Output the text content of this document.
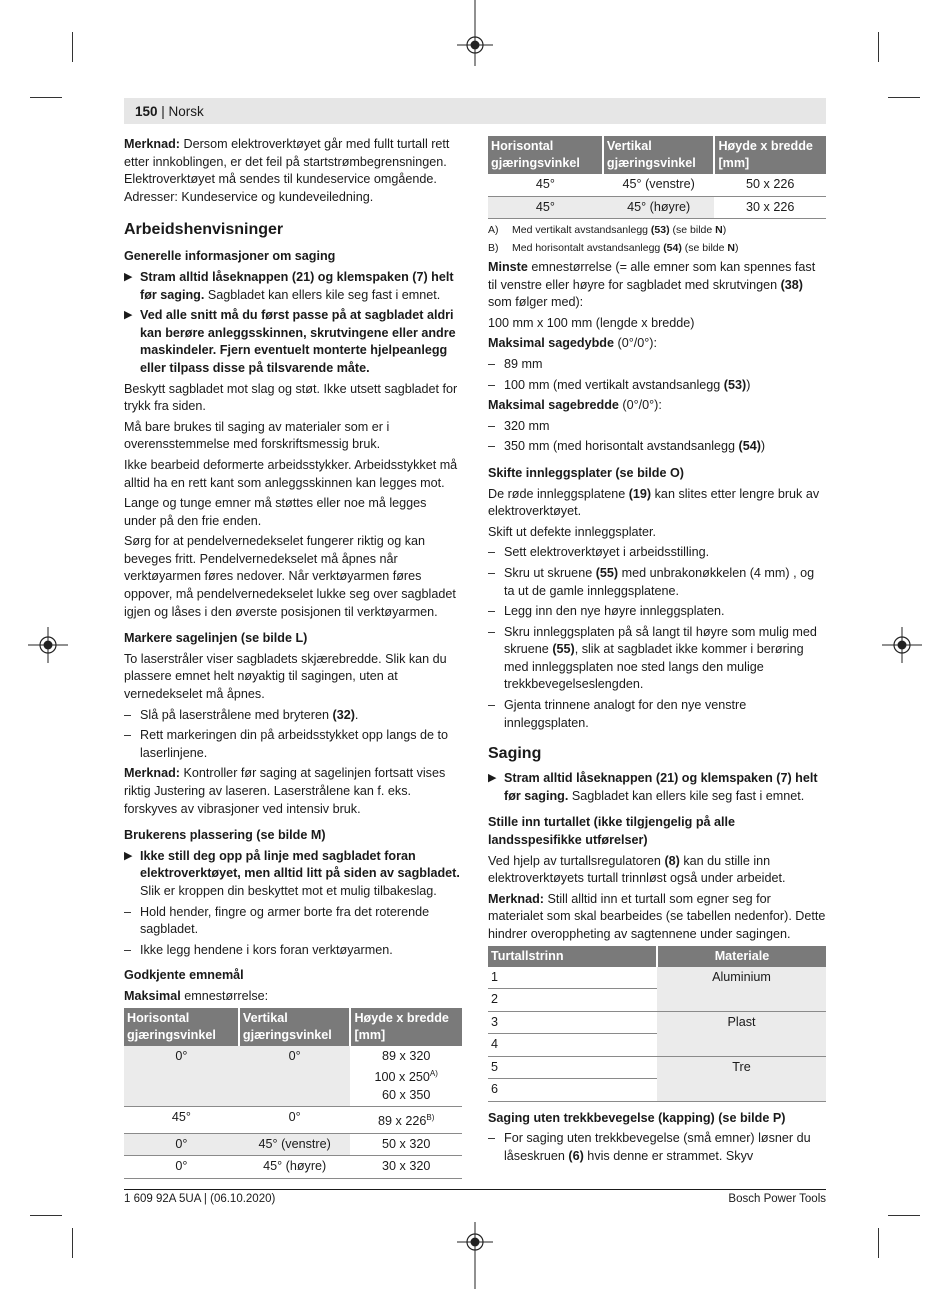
150 | Norsk

Merknad: Dersom elektroverktøyet går med fullt turtall rett etter innkoblingen, er det feil på startstrømbegrensningen. Elektroverktøyet må sendes til kundeservice omgående. Adresser: Kundeservice og kundeveiledning.

Arbeidshenvisninger
Generelle informasjoner om saging
▶ Stram alltid låseknappen (21) og klemspaken (7) helt før saging. Sagbladet kan ellers kile seg fast i emnet.
▶ Ved alle snitt må du først passe på at sagbladet aldri kan berøre anleggsskinnen, skrutvingene eller andre maskindeler. Fjern eventuelt monterte hjelpeanlegg eller tilpass disse på tilsvarende måte.

Beskytt sagbladet mot slag og støt. Ikke utsett sagbladet for trykk fra siden.

Må bare brukes til saging av materialer som er i overensstemmelse med forskriftsmessig bruk.

Ikke bearbeid deformerte arbeidsstykker. Arbeidsstykket må alltid ha en rett kant som anleggsskinnen kan legges mot.

Lange og tunge emner må støttes eller noe må legges under på den frie enden.

Sørg for at pendelvernedekselet fungerer riktig og kan beveges fritt. Pendelvernedekselet må åpnes når verktøyarmen føres nedover. Når verktøyarmen føres oppover, må pendelvernedekselet lukke seg over sagbladet igjen og låses i den øverste posisjonen til verktøyarmen.

Markere sagelinjen (se bilde L)

To laserstråler viser sagbladets skjærebredde. Slik kan du plassere emnet helt nøyaktig til sagingen, uten at vernedekselet må åpnes.

– Slå på laserstrålene med bryteren (32).
– Rett markeringen din på arbeidsstykket opp langs de to laserlinjene.

Merknad: Kontroller før saging at sagelinjen fortsatt vises riktig Justering av laseren. Laserstrålene kan f. eks. forskyves av vibrasjoner ved intensiv bruk.

Brukerens plassering (se bilde M)
▶ Ikke still deg opp på linje med sagbladet foran elektroverktøyet, men alltid litt på siden av sagbladet. Slik er kroppen din beskyttet mot et mulig tilbakeslag.
– Hold hender, fingre og armer borte fra det roterende sagbladet.
– Ikke legg hendene i kors foran verktøyarmen.
Godkjente emnemål

Maksimal emnestørrelse:

Horisontal gjæringsvinkel	Vertikal gjæringsvinkel	Høyde x bredde [mm]
0°	0°	89 x 320
100 x $250^{A)}$
60 x 350

45°	0°	89 x $226^{B)}$
0°	45° (venstre)	50 x 320
0°	45° (høyre)	30 x 320
Horisontal gjæringsvinkel	Vertikal gjæringsvinkel	Høyde x bredde [mm]
45°	45° (venstre)	50 x 226
45°	45° (høyre)	30 x 226
A)	Med vertikalt avstandsanlegg (53) (se bilde N)
B)	Med horisontalt avstandsanlegg (54) (se bilde N)

Minste emnestørrelse (= alle emner som kan spennes fast til venstre eller høyre for sagbladet med skrutvingen (38) som følger med):

100 mm x 100 mm (lengde x bredde)

Maksimal sagedybde (0°/0°):

– 89 mm
– 100 mm (med vertikalt avstandsanlegg (53))

Maksimal sagebredde (0°/0°):

– 320 mm
– 350 mm (med horisontalt avstandsanlegg (54))
Skifte innleggsplater (se bilde O)

De røde innleggsplatene (19) kan slites etter lengre bruk av elektroverktøyet.

Skift ut defekte innleggsplater.

– Sett elektroverktøyet i arbeidsstilling.
– Skru ut skruene (55) med unbrakonøkkelen (4 mm) , og ta ut de gamle innleggsplatene.
– Legg inn den nye høyre innleggsplaten.
– Skru innleggsplaten på så langt til høyre som mulig med skruene (55), slik at sagbladet ikke kommer i berøring med innleggsplaten noe sted langs den mulige trekkbevegelseslengden.
– Gjenta trinnene analogt for den nye venstre innleggsplaten.
Saging
▶ Stram alltid låseknappen (21) og klemspaken (7) helt før saging. Sagbladet kan ellers kile seg fast i emnet.
Stille inn turtallet (ikke tilgjengelig på alle landsspesifikke utførelser)

Ved hjelp av turtallsregulatoren (8) kan du stille inn elektroverktøyets turtall trinnløst også under arbeidet.

Merknad: Still alltid inn et turtall som egner seg for materialet som skal bearbeides (se tabellen nedenfor). Dette hindrer overoppheting av sagtennene under sagingen.

Turtallstrinn	Materiale
1	Aluminium
2	
3	Plast
4	
5	Tre
6	
Saging uten trekkbevegelse (kapping) (se bilde P)
– For saging uten trekkbevegelse (små emner) løsner du låseskruen (6) hvis denne er strammet. Skyv
1 609 92A 5UA | (06.10.2020)	Bosch Power Tools
